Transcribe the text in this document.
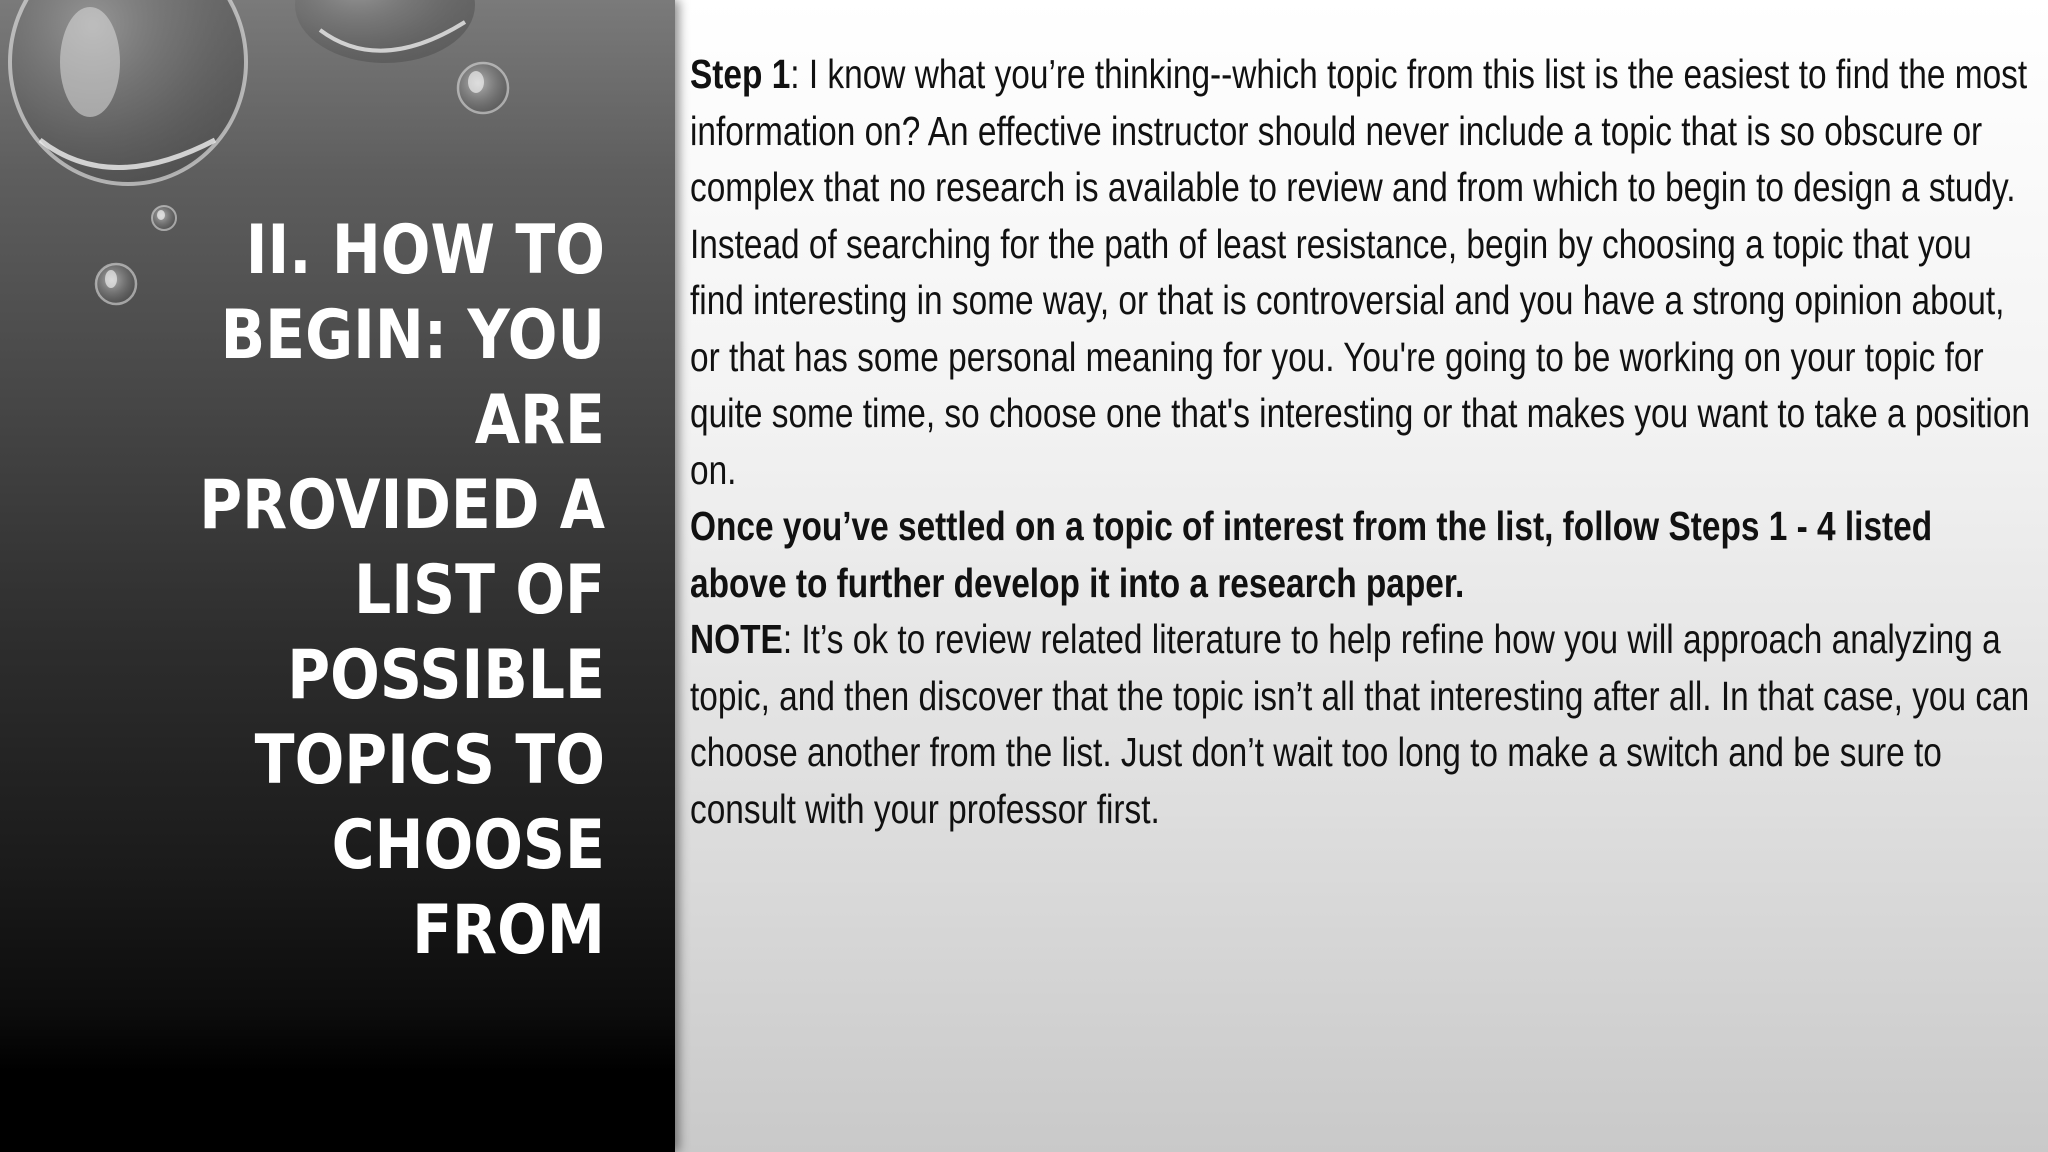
II. HOW TO
BEGIN: YOU
ARE
PROVIDED A
LIST OF
POSSIBLE
TOPICS TO
CHOOSE
FROM

Step 1: I know what you’re thinking--which topic from this list is the easiest to find the most information on? An effective instructor should never include a topic that is so obscure or complex that no research is available to review and from which to begin to design a study. Instead of searching for the path of least resistance, begin by choosing a topic that you find interesting in some way, or that is controversial and you have a strong opinion about, or that has some personal meaning for you. You're going to be working on your topic for quite some time, so choose one that's interesting or that makes you want to take a position on.

Once you’ve settled on a topic of interest from the list, follow Steps 1 - 4 listed above to further develop it into a research paper.

NOTE: It’s ok to review related literature to help refine how you will approach analyzing a topic, and then discover that the topic isn’t all that interesting after all. In that case, you can choose another from the list. Just don’t wait too long to make a switch and be sure to consult with your professor first.
